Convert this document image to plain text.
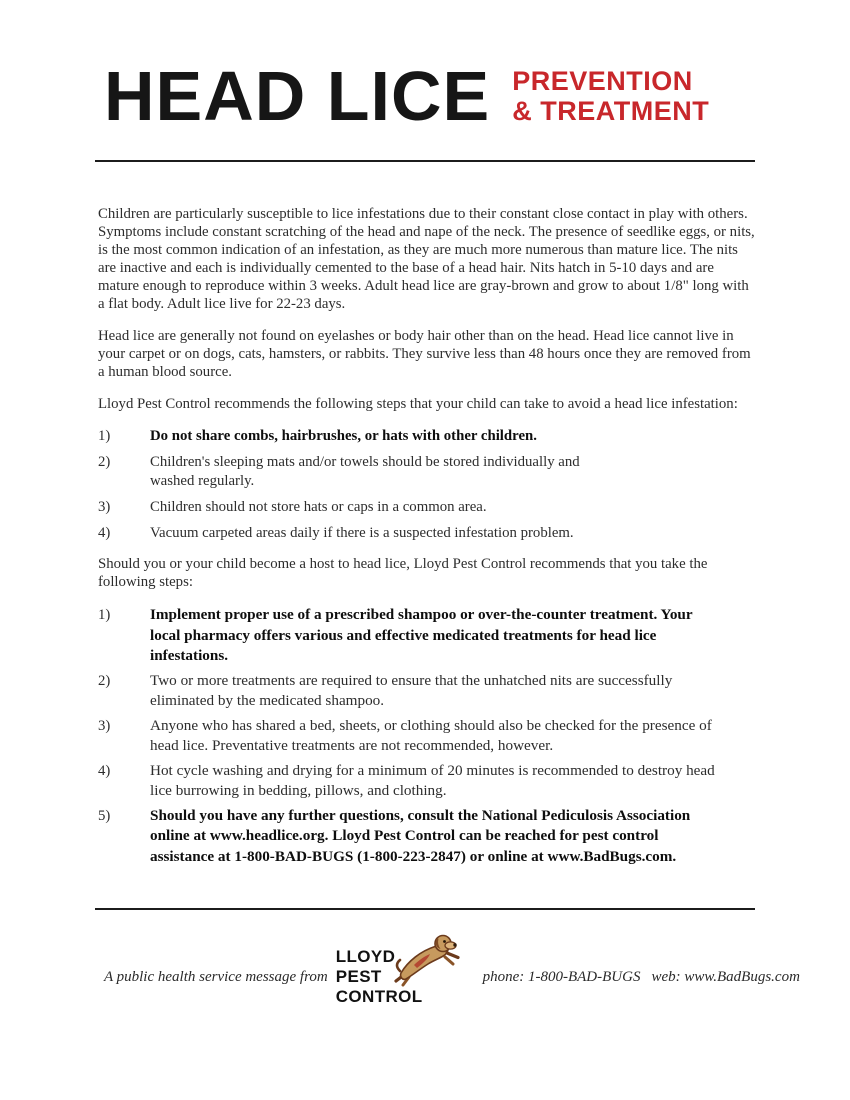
HEAD LICE PREVENTION
& TREATMENT

Children are particularly susceptible to lice infestations due to their constant close contact in play with others. Symptoms include constant scratching of the head and nape of the neck. The presence of seedlike eggs, or nits, is the most common indication of an infestation, as they are much more numerous than mature lice. The nits are inactive and each is individually cemented to the base of a head hair. Nits hatch in 5-10 days and are mature enough to reproduce within 3 weeks. Adult head lice are gray-brown and grow to about 1/8" long with a flat body. Adult lice live for 22-23 days.

Head lice are generally not found on eyelashes or body hair other than on the head. Head lice cannot live in your carpet or on dogs, cats, hamsters, or rabbits. They survive less than 48 hours once they are removed from a human blood source.

Lloyd Pest Control recommends the following steps that your child can take to avoid a head lice infestation:

1)	Do not share combs, hairbrushes, or hats with other children.
2)	Children's sleeping mats and/or towels should be stored individually and washed regularly.
3)	Children should not store hats or caps in a common area.
4)	Vacuum carpeted areas daily if there is a suspected infestation problem.

Should you or your child become a host to head lice, Lloyd Pest Control recommends that you take the following steps:

1)	Implement proper use of a prescribed shampoo or over-the-counter treatment. Your local pharmacy offers various and effective medicated treatments for head lice infestations.
2)	Two or more treatments are required to ensure that the unhatched nits are successfully eliminated by the medicated shampoo.
3)	Anyone who has shared a bed, sheets, or clothing should also be checked for the presence of head lice. Preventative treatments are not recommended, however.
4)	Hot cycle washing and drying for a minimum of 20 minutes is recommended to destroy head lice burrowing in bedding, pillows, and clothing.
5)	Should you have any further questions, consult the National Pediculosis Association online at www.headlice.org. Lloyd Pest Control can be reached for pest control assistance at 1-800-BAD-BUGS (1-800-223-2847) or online at www.BadBugs.com.
A public health service message from
LLOYD
PEST
CONTROL
phone: 1-800-BAD-BUGS web: www.BadBugs.com
